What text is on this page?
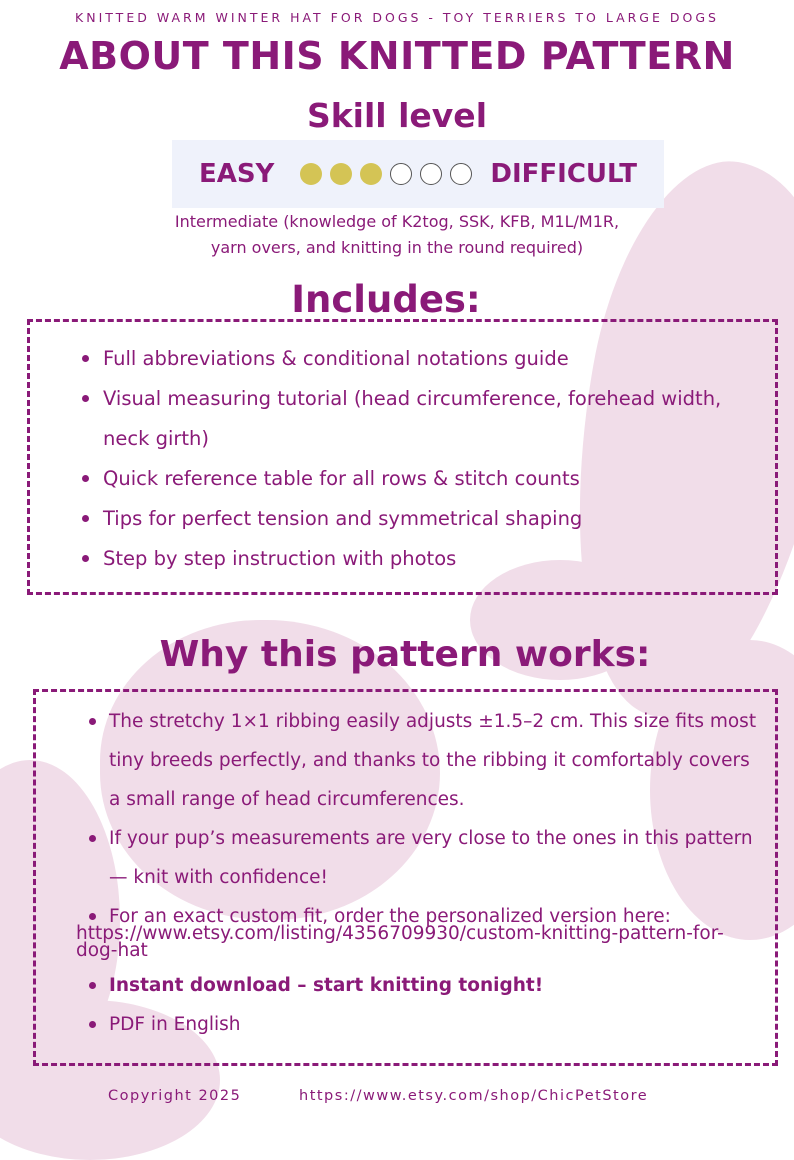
KNITTED WARM WINTER HAT FOR DOGS - TOY TERRIERS TO LARGE DOGS
ABOUT THIS KNITTED PATTERN
Skill level
EASY	DIFFICULT
Intermediate (knowledge of K2tog, SSK, KFB, M1L/M1R,
yarn overs, and knitting in the round required)
Includes:
Full abbreviations & conditional notations guide
Visual measuring tutorial (head circumference, forehead width, neck girth)
Quick reference table for all rows & stitch counts
Tips for perfect tension and symmetrical shaping
Step by step instruction with photos
Why this pattern works:
The stretchy 1×1 ribbing easily adjusts ±1.5–2 cm. This size fits most tiny breeds perfectly, and thanks to the ribbing it comfortably covers a small range of head circumferences.
If your pup’s measurements are very close to the ones in this pattern — knit with confidence!
For an exact custom fit, order the personalized version here:
https://www.etsy.com/listing/4356709930/custom-knitting-pattern-for-dog-hat
Instant download – start knitting tonight!
PDF in English
Copyright 2025	https://www.etsy.com/shop/ChicPetStore
